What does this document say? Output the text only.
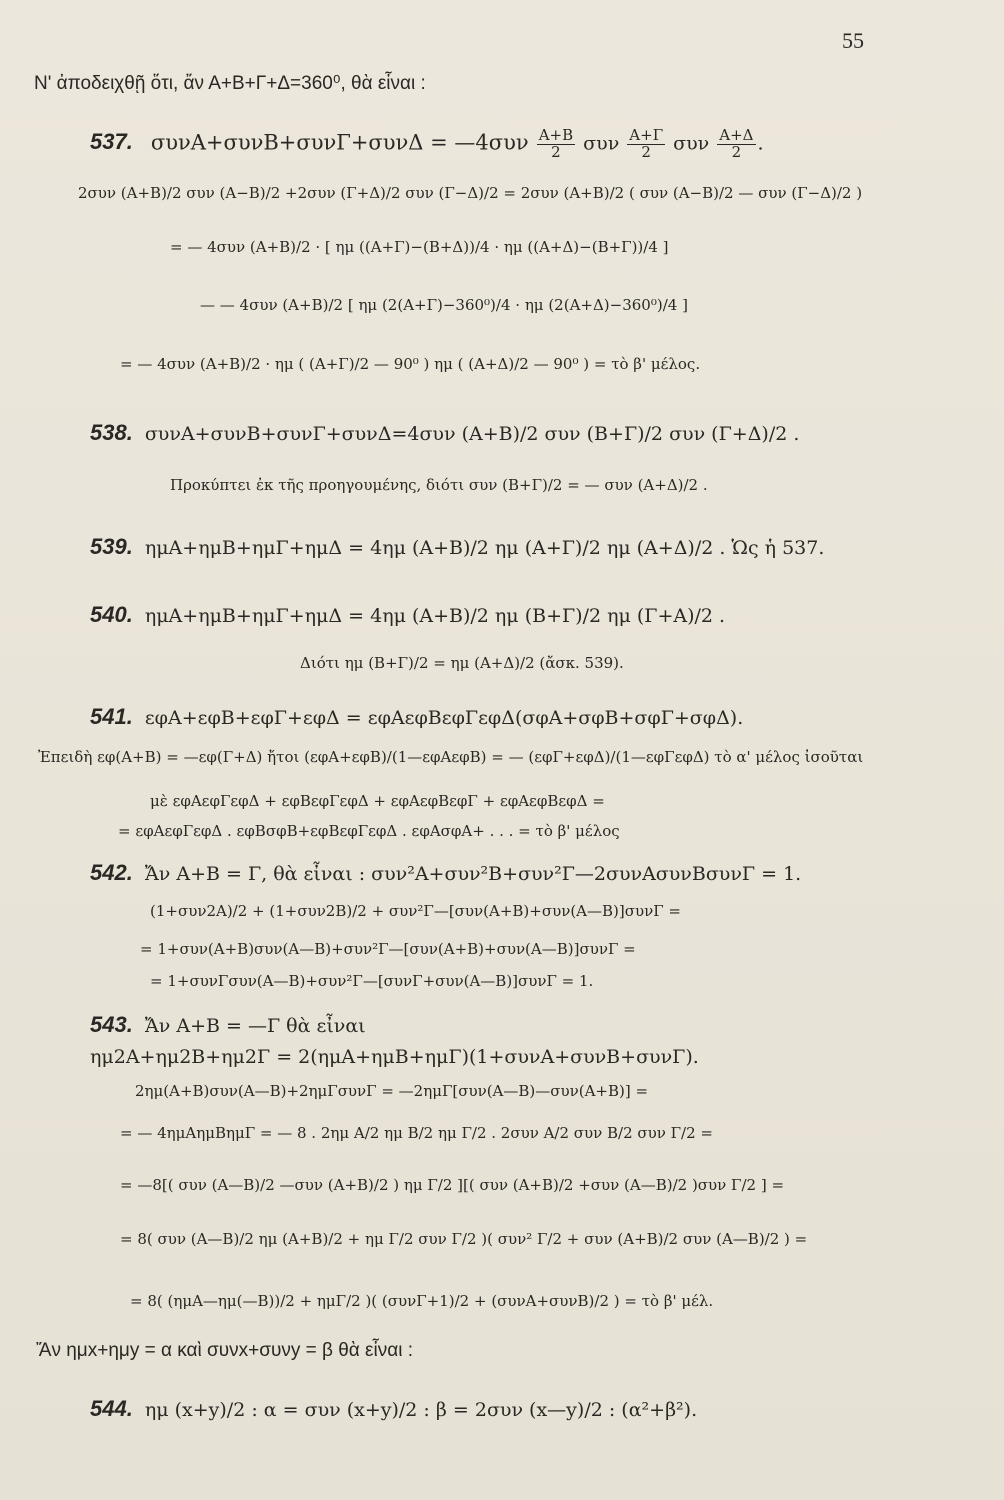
55
Ν' ἀποδειχθῇ ὅτι, ἄν Α+Β+Γ+Δ=360⁰, θὰ εἶναι :
537. συνΑ+συνΒ+συνΓ+συνΔ = —4συν $\frac{A+B}{2}$ συν $\frac{A+\Gamma}{2}$ συν $\frac{A+\Delta}{2}$ .
2συν (Α+Β)/2 συν (Α−Β)/2 +2συν (Γ+Δ)/2 συν (Γ−Δ)/2 = 2συν (Α+Β)/2 ( συν (Α−Β)/2 — συν (Γ−Δ)/2 )
= — 4συν (Α+Β)/2 · [ ημ ((Α+Γ)−(Β+Δ))/4 · ημ ((Α+Δ)−(Β+Γ))/4 ]
— — 4συν (Α+Β)/2 [ ημ (2(Α+Γ)−360⁰)/4 · ημ (2(Α+Δ)−360⁰)/4 ]
= — 4συν (Α+Β)/2 · ημ ( (Α+Γ)/2 — 90⁰ ) ημ ( (Α+Δ)/2 — 90⁰ ) = τὸ β' μέλος.
538. συνΑ+συνΒ+συνΓ+συνΔ=4συν (Α+Β)/2 συν (Β+Γ)/2 συν (Γ+Δ)/2 .
Προκύπτει ἐκ τῆς προηγουμένης, διότι συν (Β+Γ)/2 = — συν (Α+Δ)/2 .
539. ημΑ+ημΒ+ημΓ+ημΔ = 4ημ (Α+Β)/2 ημ (Α+Γ)/2 ημ (Α+Δ)/2 . Ὡς ἡ 537.
540. ημΑ+ημΒ+ημΓ+ημΔ = 4ημ (Α+Β)/2 ημ (Β+Γ)/2 ημ (Γ+Α)/2 .
Διότι ημ (Β+Γ)/2 = ημ (Α+Δ)/2 (ἄσκ. 539).
541. εφΑ+εφΒ+εφΓ+εφΔ = εφΑεφΒεφΓεφΔ(σφΑ+σφΒ+σφΓ+σφΔ).
Ἐπειδὴ εφ(Α+Β) = —εφ(Γ+Δ) ἤτοι (εφΑ+εφΒ)/(1—εφΑεφΒ) = — (εφΓ+εφΔ)/(1—εφΓεφΔ) τὸ α' μέλος ἰσοῦται
μὲ εφΑεφΓεφΔ + εφΒεφΓεφΔ + εφΑεφΒεφΓ + εφΑεφΒεφΔ =
= εφΑεφΓεφΔ . εφΒσφΒ+εφΒεφΓεφΔ . εφΑσφΑ+ . . . = τὸ β' μέλος
542. Ἄν Α+Β = Γ, θὰ εἶναι : συν²Α+συν²Β+συν²Γ—2συνΑσυνΒσυνΓ = 1.
(1+συν2Α)/2 + (1+συν2Β)/2 + συν²Γ—[συν(Α+Β)+συν(Α—Β)]συνΓ =
= 1+συν(Α+Β)συν(Α—Β)+συν²Γ—[συν(Α+Β)+συν(Α—Β)]συνΓ =
= 1+συνΓσυν(Α—Β)+συν²Γ—[συνΓ+συν(Α—Β)]συνΓ = 1.
543. Ἄν Α+Β = —Γ θὰ εἶναι
ημ2Α+ημ2Β+ημ2Γ = 2(ημΑ+ημΒ+ημΓ)(1+συνΑ+συνΒ+συνΓ).
2ημ(Α+Β)συν(Α—Β)+2ημΓσυνΓ = —2ημΓ[συν(Α—Β)—συν(Α+Β)] =
= — 4ημΑημΒημΓ = — 8 . 2ημ Α/2 ημ Β/2 ημ Γ/2 . 2συν Α/2 συν Β/2 συν Γ/2 =
= —8[( συν (Α—Β)/2 —συν (Α+Β)/2 ) ημ Γ/2 ][( συν (Α+Β)/2 +συν (Α—Β)/2 )συν Γ/2 ] =
= 8( συν (Α—Β)/2 ημ (Α+Β)/2 + ημ Γ/2 συν Γ/2 )( συν² Γ/2 + συν (Α+Β)/2 συν (Α—Β)/2 ) =
= 8( (ημΑ—ημ(—Β))/2 + ημΓ/2 )( (συνΓ+1)/2 + (συνΑ+συνΒ)/2 ) = τὸ β' μέλ.
Ἄν ημx+ημy = α καὶ συνx+συνy = β θὰ εἶναι :
544. ημ (x+y)/2 : α = συν (x+y)/2 : β = 2συν (x—y)/2 : (α²+β²).
